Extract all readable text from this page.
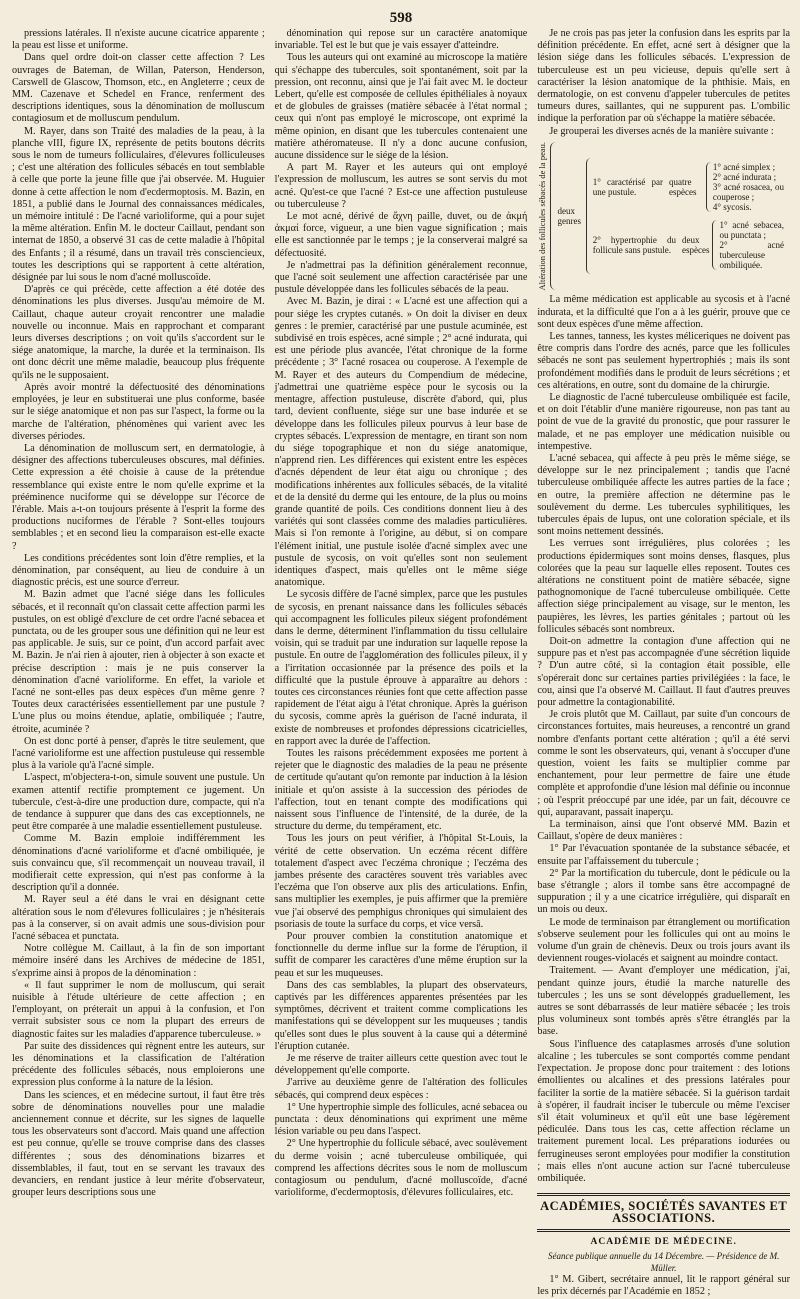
598

pressions latérales. Il n'existe aucune cicatrice apparente ; la peau est lisse et uniforme.

Dans quel ordre doit-on classer cette affection ? Les ouvrages de Bateman, de Willan, Paterson, Henderson, Carswell de Glascow, Thomson, etc., en Angleterre ; ceux de MM. Cazenave et Schedel en France, renferment des descriptions identiques, sous la dénomination de molluscum contagiosum et de molluscum pendulum.

M. Rayer, dans son Traité des maladies de la peau, à la planche vIII, figure IX, représente de petits boutons décrits sous le nom de tumeurs folliculaires, d'élevures folliculeuses ; c'est une altération des follicules sébacés en tout semblable à celle que porte la jeune fille que j'ai observée. M. Huguier donne à cette affection le nom d'ecdermoptosis. M. Bazin, en 1851, a publié dans le Journal des connaissances médicales, un mémoire intitulé : De l'acné varioliforme, qui a pour sujet la même altération. Enfin M. le docteur Caillaut, pendant son internat de 1850, a observé 31 cas de cette maladie à l'hôpital des Enfants ; il a résumé, dans un travail très consciencieux, toutes les descriptions qui se rapportent à cette altération, désignée par lui sous le nom d'acné molluscoïde.

D'après ce qui précède, cette affection a été dotée des dénominations les plus diverses. Jusqu'au mémoire de M. Caillaut, chaque auteur croyait rencontrer une maladie nouvelle ou inconnue. Mais en rapprochant et comparant leurs diverses descriptions ; on voit qu'ils s'accordent sur le siége anatomique, la marche, la durée et la terminaison. Ils ont donc décrit une même maladie, beaucoup plus fréquente qu'ils ne le supposaient.

Après avoir montré la défectuosité des dénominations employées, je leur en substituerai une plus conforme, basée sur le siége anatomique et non pas sur l'aspect, la forme ou la marche de l'altération, phénomènes qui varient avec les diverses périodes.

La dénomination de molluscum sert, en dermatologie, à désigner des affections tuberculeuses obscures, mal définies. Cette expression a été choisie à cause de la prétendue ressemblance qui existe entre le nom qu'elle exprime et la prééminence nuciforme qui se développe sur l'écorce de l'érable. Mais a-t-on toujours présente à l'esprit la forme des productions nuciformes de l'érable ? Sont-elles toujours semblables ; et en second lieu la comparaison est-elle exacte ?

Les conditions précédentes sont loin d'être remplies, et la dénomination, par conséquent, au lieu de conduire à un diagnostic précis, est une source d'erreur.

M. Bazin admet que l'acné siége dans les follicules sébacés, et il reconnaît qu'on classait cette affection parmi les pustules, on est obligé d'exclure de cet ordre l'acné sebacea et punctata, ou de les grouper sous une définition qui ne leur est pas applicable. Je suis, sur ce point, d'un accord parfait avec M. Bazin. Je n'ai rien à ajouter, rien à objecter à son exacte et précise description : mais je ne puis conserver la dénomination d'acné varioliforme. En effet, la variole et l'acné ne sont-elles pas deux espèces d'un même genre ? Toutes deux caractérisées essentiellement par une pustule ? L'une plus ou moins étendue, aplatie, ombiliquée ; l'autre, étroite, acuminée ?

On est donc porté à penser, d'après le titre seulement, que l'acné varioliforme est une affection pustuleuse qui ressemble plus à la variole qu'à l'acné simple.

L'aspect, m'objectera-t-on, simule souvent une pustule. Un examen attentif rectifie promptement ce jugement. Un tubercule, c'est-à-dire une production dure, compacte, qui n'a de tendance à suppurer que dans des cas exceptionnels, ne peut être comparée à une maladie essentiellement pustuleuse.

Comme M. Bazin emploie indifféremment les dénominations d'acné varioliforme et d'acné ombiliquée, je suis convaincu que, s'il recommençait un nouveau travail, il modifierait cette expression, qui n'est pas conforme à la description qu'il a donnée.

M. Rayer seul a été dans le vrai en désignant cette altération sous le nom d'élevures folliculaires ; je n'hésiterais pas à la conserver, si on avait admis une sous-division pour l'acné sébacea et punctata.

Notre collègue M. Caillaut, à la fin de son important mémoire inséré dans les Archives de médecine de 1851, s'exprime ainsi à propos de la dénomination :

« Il faut supprimer le nom de molluscum, qui serait nuisible à l'étude ultérieure de cette affection ; en l'employant, on préterait un appui à la confusion, et l'on verrait subsister sous ce nom la plupart des erreurs de diagnostic faites sur les maladies d'apparence tuberculeuse. »

Par suite des dissidences qui règnent entre les auteurs, sur les dénominations et la classification de l'altération précédente des follicules sébacés, nous emploierons une expression plus conforme à la nature de la lésion.

Dans les sciences, et en médecine surtout, il faut être très sobre de dénominations nouvelles pour une maladie anciennement connue et décrite, sur les signes de laquelle tous les observateurs sont d'accord. Mais quand une affection est peu connue, qu'elle se trouve comprise dans des classes différentes ; sous des dénominations bizarres et dissemblables, il faut, tout en se servant les travaux des devanciers, en rendant justice à leur mérite d'observateur, grouper leurs descriptions sous une

dénomination qui repose sur un caractère anatomique invariable. Tel est le but que je vais essayer d'atteindre.

Tous les auteurs qui ont examiné au microscope la matière qui s'échappe des tubercules, soit spontanément, soit par la pression, ont reconnu, ainsi que je l'ai fait avec M. le docteur Lebert, qu'elle est composée de cellules épithéliales à noyaux et de globules de graisses (matière sébacée à l'état normal ; ceux qui n'ont pas employé le microscope, ont exprimé la même opinion, en disant que les tubercules contenaient une matière athéromateuse. Il n'y a donc aucune confusion, aucune dissidence sur le siége de la lésion.

A part M. Rayer et les auteurs qui ont employé l'expression de molluscum, les autres se sont servis du mot acné. Qu'est-ce que l'acné ? Est-ce une affection pustuleuse ou tuberculeuse ?

Le mot acné, dérivé de ἄχνη paille, duvet, ou de ἀκμή ἀκμαί force, vigueur, a une bien vague signification ; mais elle est sanctionnée par le temps ; je la conserverai malgré sa défectuosité.

Je n'admettrai pas la définition généralement reconnue, que l'acné soit seulement une affection caractérisée par une pustule développée dans les follicules sébacés de la peau.

Avec M. Bazin, je dirai : « L'acné est une affection qui a pour siége les cryptes cutanés. » On doit la diviser en deux genres : le premier, caractérisé par une pustule acuminée, est subdivisé en trois espèces, acné simple ; 2° acné indurata, qui est une période plus avancée, l'état chronique de la forme précédente ; 3° l'acné rosacea ou couperose. A l'exemple de M. Rayer et des auteurs du Compendium de médecine, j'admettrai une quatrième espèce pour le sycosis ou la mentagre, affection pustuleuse, discrète d'abord, qui, plus tard, devient confluente, siége sur une base indurée et se développe dans les follicules pileux pourvus à leur base de cryptes sébacés. L'expression de mentagre, en tirant son nom du siége topographique et non du siége anatomique, n'apprend rien. Les différences qui existent entre les espèces d'acnés dépendent de leur état aigu ou chronique ; des modifications inhérentes aux follicules sébacés, de la vitalité et de la densité du derme qui les entoure, de la plus ou moins grande quantité de poils. Ces conditions donnent lieu à des variétés qui sont classées comme des maladies particulières. Mais si l'on remonte à l'origine, au début, si on compare l'élément initial, une pustule isolée d'acné simplex avec une pustule de sycosis, on voit qu'elles sont non seulement identiques d'aspect, mais qu'elles ont le même siége anatomique.

Le sycosis diffère de l'acné simplex, parce que les pustules de sycosis, en prenant naissance dans les follicules sébacés qui accompagnent les follicules pileux siégent profondément dans le derme, déterminent l'inflammation du tissu cellulaire voisin, qui se traduit par une induration sur laquelle repose la pustule. En outre de l'agglomération des follicules pileux, il y a l'irritation occasionnée par la présence des poils et la difficulté que la pustule éprouve à apparaître au dehors : toutes ces circonstances réunies font que cette affection passe rapidement de l'état aigu à l'état chronique. Après la guérison du sycosis, comme après la guérison de l'acné indurata, il existe de nombreuses et profondes dépressions cicatricielles, en rapport avec la durée de l'affection.

Toutes les raisons précédemment exposées me portent à rejeter que le diagnostic des maladies de la peau ne présente de certitude qu'autant qu'on remonte par induction à la lésion initiale et qu'on assiste à la succession des périodes de l'affection, tout en tenant compte des modifications qui naissent sous l'influence de l'intensité, de la durée, de la structure du derme, du tempérament, etc.

Tous les jours on peut vérifier, à l'hôpital St-Louis, la vérité de cette observation. Un eczéma récent diffère totalement d'aspect avec l'eczéma chronique ; l'eczéma des jambes présente des caractères souvent très variables avec l'eczéma que l'on observe aux plis des articulations. Enfin, sans multiplier les exemples, je puis affirmer que la première vue j'ai observé des pemphigus chroniques qui simulaient des psoriasis de toute la surface du corps, et vice versâ.

Pour prouver combien la constitution anatomique et fonctionnelle du derme influe sur la forme de l'éruption, il suffit de comparer les caractères d'une même éruption sur la peau et sur les muqueuses.

Dans des cas semblables, la plupart des observateurs, captivés par les différences apparentes présentées par les symptômes, décrivent et traitent comme complications les manifestations qui se développent sur les muqueuses ; tandis qu'elles sont dues le plus souvent à la cause qui a déterminé l'éruption cutanée.

Je me réserve de traiter ailleurs cette question avec tout le développement qu'elle comporte.

J'arrive au deuxième genre de l'altération des follicules sébacés, qui comprend deux espèces :

1° Une hypertrophie simple des follicules, acné sebacea ou punctata : deux dénominations qui expriment une même lésion variable ou peu dans l'aspect.

2° Une hypertrophie du follicule sébacé, avec soulèvement du derme voisin ; acné tuberculeuse ombiliquée, qui comprend les affections décrites sous le nom de molluscum contagiosum ou pendulum, d'acné molluscoïde, d'acné varioliforme, d'ecdermoptosis, d'élevures folliculaires, etc.

Je ne crois pas pas jeter la confusion dans les esprits par la définition précédente. En effet, acné sert à désigner que la lésion siége dans les follicules sébacés. L'expression de tuberculeuse est un peu vicieuse, depuis qu'elle sert à caractériser la lésion anatomique de la phthisie. Mais, en dermatologie, on est convenu d'appeler tubercules de petites tumeurs dures, saillantes, qui ne suppurent pas. L'ombilic indique la perforation par où s'échappe la matière sébacée.

Je grouperai les diverses acnés de la manière suivante :

Altération des follicules sébacés de la peau.	deux genres
1° caractérisé par une pustule.
quatre espèces
1° acné simplex ;
2° acné indurata ;
3° acné rosacea, ou couperose ;
4° sycosis.
2° hypertrophie du follicule sans pustule.
deux espèces
1° acné sebacea, ou punctata ;
2° acné tuberculeuse ombiliquée.

La même médication est applicable au sycosis et à l'acné indurata, et la difficulté que l'on a à les guérir, prouve que ce sont deux espèces d'une même affection.

Les tannes, tanness, les kystes méliceriques ne doivent pas être compris dans l'ordre des acnés, parce que les follicules sébacés ne sont pas seulement hypertrophiés ; mais ils sont profondément modifiés dans le produit de leurs sécrétions ; et ces altérations, en outre, sont du domaine de la chirurgie.

Le diagnostic de l'acné tuberculeuse ombiliquée est facile, et on doit l'établir d'une manière rigoureuse, non pas tant au point de vue de la gravité du pronostic, que pour rassurer le malade, et ne pas employer une médication nuisible ou intempestive.

L'acné sebacea, qui affecte à peu près le même siége, se développe sur le nez principalement ; tandis que l'acné tuberculeuse ombiliquée affecte les autres parties de la face ; en outre, la première affection ne détermine pas le soulèvement du derme. Les tubercules syphilitiques, les tubercules épais de lupus, ont une coloration spéciale, et ils sont moins nettement dessinés.

Les verrues sont irrégulières, plus colorées ; les productions épidermiques sont moins denses, flasques, plus colorées que la peau sur laquelle elles reposent. Toutes ces altérations ne constituent point de matière sébacée, signe pathognomonique de l'acné tuberculeuse ombiliquée. Cette affection siége principalement au visage, sur le menton, les paupières, les lèvres, les parties génitales ; partout où les follicules sébacés sont nombreux.

Doit-on admettre la contagion d'une affection qui ne suppure pas et n'est pas accompagnée d'une sécrétion liquide ? D'un autre côté, si la contagion était possible, elle s'opérerait donc sur certaines parties privilégiées : la face, le cou, ainsi que l'a observé M. Caillaut. Il faut d'autres preuves pour admettre la contagionabilité.

Je crois plutôt que M. Caillaut, par suite d'un concours de circonstances fortuites, mais heureuses, a rencontré un grand nombre d'enfants portant cette altération ; qu'il a été servi comme le sont les observateurs, qui, venant à s'occuper d'une question, voient les faits se multiplier comme par enchantement, pour leur permettre de faire une étude complète et approfondie d'une lésion mal définie ou inconnue ; où l'esprit préoccupé par une idée, par un fait, découvre ce qui, auparavant, passait inaperçu.

La terminaison, ainsi que l'ont observé MM. Bazin et Caillaut, s'opère de deux manières :

1° Par l'évacuation spontanée de la substance sébacée, et ensuite par l'affaissement du tubercule ;

2° Par la mortification du tubercule, dont le pédicule ou la base s'étrangle ; alors il tombe sans être accompagné de suppuration ; il y a une cicatrice irrégulière, qui disparaît en un mois ou deux.

Le mode de terminaison par étranglement ou mortification s'observe seulement pour les follicules qui ont au moins le volume d'un grain de chènevis. Deux ou trois jours avant ils deviennent rouges-violacés et saignent au moindre contact.

Traitement. — Avant d'employer une médication, j'ai, pendant quinze jours, étudié la marche naturelle des tubercules ; les uns se sont développés graduellement, les autres se sont débarrassés de leur matière sébacée ; les trois plus volumineux sont tombés après s'être étranglés par la base.

Sous l'influence des cataplasmes arrosés d'une solution alcaline ; les tubercules se sont comportés comme pendant l'expectation. Je propose donc pour traitement : des lotions émollientes ou alcalines et des pressions latérales pour faciliter la sortie de la matière sébacée. Si la guérison tardait à s'opérer, il faudrait inciser le tubercule ou même l'exciser s'il était volumineux et qu'il eût une base légèrement pédiculée. Dans tous les cas, cette affection réclame un traitement purement local. Les préparations iodurées ou ferrugineuses seront employées pour modifier la constitution ; mais elles n'ont aucune action sur l'acné tuberculeuse ombiliquée.

ACADÉMIES, SOCIÉTÉS SAVANTES ET ASSOCIATIONS.
ACADÉMIE DE MÉDECINE.
Séance publique annuelle du 14 Décembre. — Présidence de M. Müller.

1° M. Gibert, secrétaire annuel, lit le rapport général sur les prix décernés par l'Académie en 1852 ;
